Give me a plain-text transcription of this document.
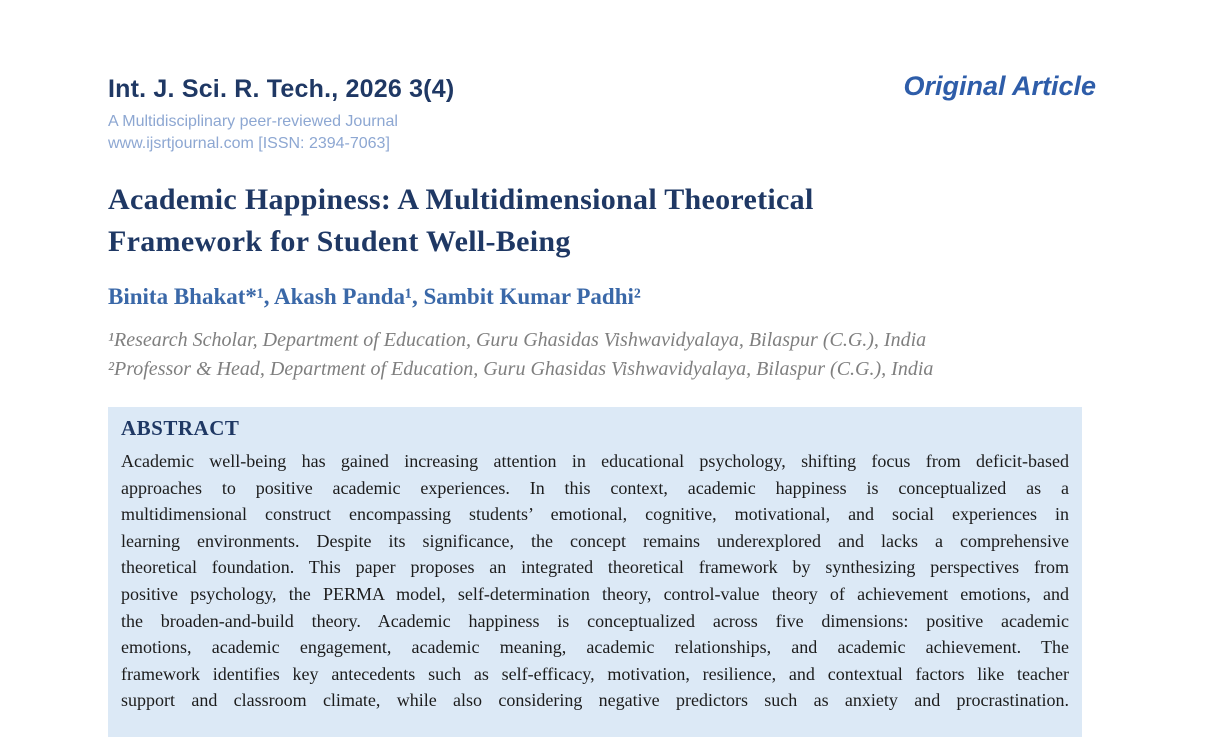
Int. J. Sci. R. Tech., 2026 3(4)
A Multidisciplinary peer-reviewed Journal
www.ijsrtjournal.com [ISSN: 2394-7063]
Original Article
Academic Happiness: A Multidimensional Theoretical
Framework for Student Well-Being
Binita Bhakat*¹, Akash Panda¹, Sambit Kumar Padhi²
¹Research Scholar, Department of Education, Guru Ghasidas Vishwavidyalaya, Bilaspur (C.G.), India
²Professor & Head, Department of Education, Guru Ghasidas Vishwavidyalaya, Bilaspur (C.G.), India
ABSTRACT
Academic well-being has gained increasing attention in educational psychology, shifting focus from deficit-based
approaches to positive academic experiences. In this context, academic happiness is conceptualized as a
multidimensional construct encompassing students’ emotional, cognitive, motivational, and social experiences in
learning environments. Despite its significance, the concept remains underexplored and lacks a comprehensive
theoretical foundation. This paper proposes an integrated theoretical framework by synthesizing perspectives from
positive psychology, the PERMA model, self-determination theory, control-value theory of achievement emotions, and
the broaden-and-build theory. Academic happiness is conceptualized across five dimensions: positive academic
emotions, academic engagement, academic meaning, academic relationships, and academic achievement. The
framework identifies key antecedents such as self-efficacy, motivation, resilience, and contextual factors like teacher
support and classroom climate, while also considering negative predictors such as anxiety and procrastination.
